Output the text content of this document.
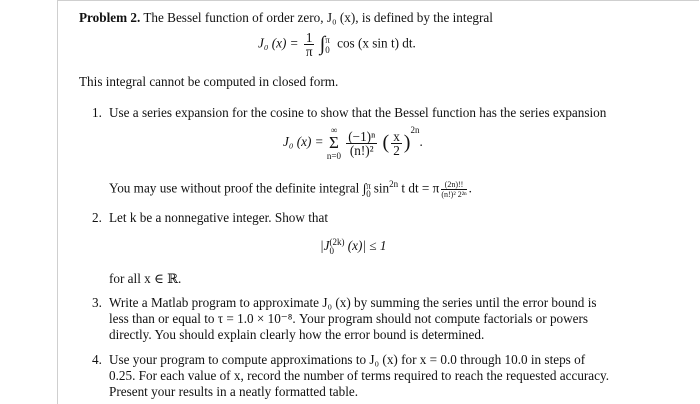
Problem 2. The Bessel function of order zero, J₀ (x), is defined by the integral
J₀ $(x) = \frac{1}{\pi}$ ∫ π
0 cos (x sin t) dt.
This integral cannot be computed in closed form.
1. Use a series expansion for the cosine to show that the Bessel function has the series expansion
J₀ (x) =
∞
Σ
n=0
$\frac{\text{(−1)ⁿ}}{\text{(n!)²}}$ ( $\frac{x}{2} )^{2n}$.
You may use without proof the definite integral ∫ π
0 $\sin^{2n} t$ dt = π $\frac{(2n)!!}{\text{(n!)² 2²ⁿ}}$ .
2. Let k be a nonnegative integer. Show that
|J (2k)
0	(x)| ≤ 1
for all x ∈ ℝ.
3. Write a Matlab program to approximate J₀ (x) by summing the series until the error bound is
less than or equal to τ = 1.0 × 10⁻⁸. Your program should not compute factorials or powers
directly. You should explain clearly how the error bound is determined.
4. Use your program to compute approximations to J₀ (x) for x = 0.0 through 10.0 in steps of
0.25. For each value of x, record the number of terms required to reach the requested accuracy.
Present your results in a neatly formatted table.
